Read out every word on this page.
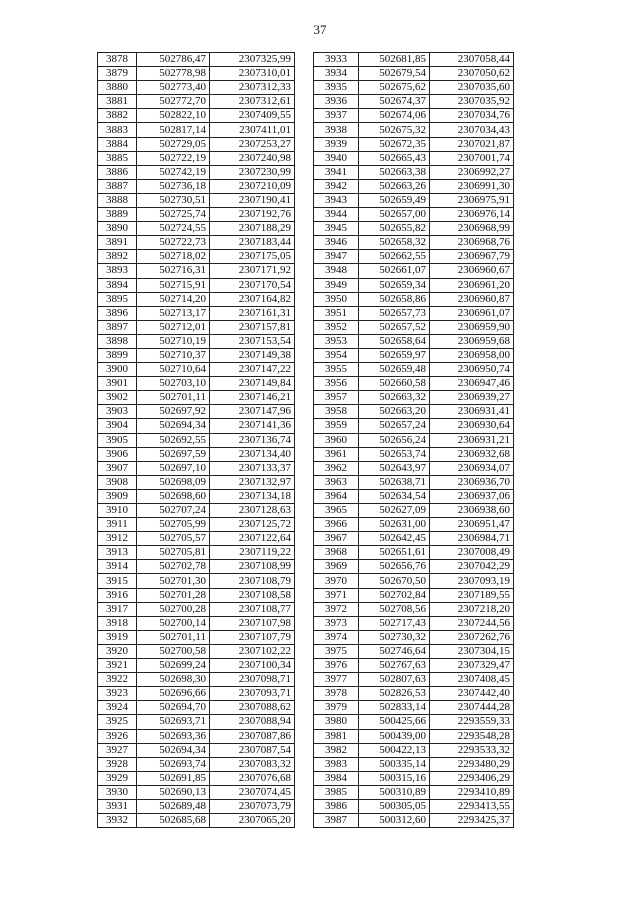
37
3878	502786,47	2307325,99
3879	502778,98	2307310,01
3880	502773,40	2307312,33
3881	502772,70	2307312,61
3882	502822,10	2307409,55
3883	502817,14	2307411,01
3884	502729,05	2307253,27
3885	502722,19	2307240,98
3886	502742,19	2307230,99
3887	502736,18	2307210,09
3888	502730,51	2307190,41
3889	502725,74	2307192,76
3890	502724,55	2307188,29
3891	502722,73	2307183,44
3892	502718,02	2307175,05
3893	502716,31	2307171,92
3894	502715,91	2307170,54
3895	502714,20	2307164,82
3896	502713,17	2307161,31
3897	502712,01	2307157,81
3898	502710,19	2307153,54
3899	502710,37	2307149,38
3900	502710,64	2307147,22
3901	502703,10	2307149,84
3902	502701,11	2307146,21
3903	502697,92	2307147,96
3904	502694,34	2307141,36
3905	502692,55	2307136,74
3906	502697,59	2307134,40
3907	502697,10	2307133,37
3908	502698,09	2307132,97
3909	502698,60	2307134,18
3910	502707,24	2307128,63
3911	502705,99	2307125,72
3912	502705,57	2307122,64
3913	502705,81	2307119,22
3914	502702,78	2307108,99
3915	502701,30	2307108,79
3916	502701,28	2307108,58
3917	502700,28	2307108,77
3918	502700,14	2307107,98
3919	502701,11	2307107,79
3920	502700,58	2307102,22
3921	502699,24	2307100,34
3922	502698,30	2307098,71
3923	502696,66	2307093,71
3924	502694,70	2307088,62
3925	502693,71	2307088,94
3926	502693,36	2307087,86
3927	502694,34	2307087,54
3928	502693,74	2307083,32
3929	502691,85	2307076,68
3930	502690,13	2307074,45
3931	502689,48	2307073,79
3932	502685,68	2307065,20
3933	502681,85	2307058,44
3934	502679,54	2307050,62
3935	502675,62	2307035,60
3936	502674,37	2307035,92
3937	502674,06	2307034,76
3938	502675,32	2307034,43
3939	502672,35	2307021,87
3940	502665,43	2307001,74
3941	502663,38	2306992,27
3942	502663,26	2306991,30
3943	502659,49	2306975,91
3944	502657,00	2306976,14
3945	502655,82	2306968,99
3946	502658,32	2306968,76
3947	502662,55	2306967,79
3948	502661,07	2306960,67
3949	502659,34	2306961,20
3950	502658,86	2306960,87
3951	502657,73	2306961,07
3952	502657,52	2306959,90
3953	502658,64	2306959,68
3954	502659,97	2306958,00
3955	502659,48	2306950,74
3956	502660,58	2306947,46
3957	502663,32	2306939,27
3958	502663,20	2306931,41
3959	502657,24	2306930,64
3960	502656,24	2306931,21
3961	502653,74	2306932,68
3962	502643,97	2306934,07
3963	502638,71	2306936,70
3964	502634,54	2306937,06
3965	502627,09	2306938,60
3966	502631,00	2306951,47
3967	502642,45	2306984,71
3968	502651,61	2307008,49
3969	502656,76	2307042,29
3970	502670,50	2307093,19
3971	502702,84	2307189,55
3972	502708,56	2307218,20
3973	502717,43	2307244,56
3974	502730,32	2307262,76
3975	502746,64	2307304,15
3976	502767,63	2307329,47
3977	502807,63	2307408,45
3978	502826,53	2307442,40
3979	502833,14	2307444,28
3980	500425,66	2293559,33
3981	500439,00	2293548,28
3982	500422,13	2293533,32
3983	500335,14	2293480,29
3984	500315,16	2293406,29
3985	500310,89	2293410,89
3986	500305,05	2293413,55
3987	500312,60	2293425,37
